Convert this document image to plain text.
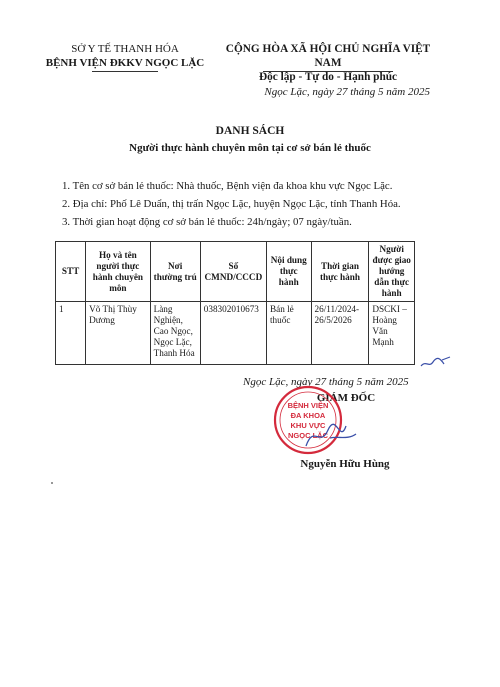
SỞ Y TẾ THANH HÓA
BỆNH VIỆN ĐKKV NGỌC LẶC
CỘNG HÒA XÃ HỘI CHỦ NGHĨA VIỆT NAM
Độc lập - Tự do - Hạnh phúc
Ngọc Lặc, ngày 27 tháng 5 năm 2025
DANH SÁCH
Người thực hành chuyên môn tại cơ sở bán lẻ thuốc
1. Tên cơ sở bán lẻ thuốc: Nhà thuốc, Bệnh viện đa khoa khu vực Ngọc Lặc.
2. Địa chỉ: Phố Lê Duẩn, thị trấn Ngọc Lặc, huyện Ngọc Lặc, tỉnh Thanh Hóa.
3. Thời gian hoạt động cơ sở bán lẻ thuốc: 24h/ngày; 07 ngày/tuần.
STT	Họ và tên người thực hành chuyên môn	Nơi thường trú	Số CMND/CCCD	Nội dung thực hành	Thời gian thực hành	Người được giao hướng dẫn thực hành
1	Võ Thị Thùy Dương	Làng Nghiện, Cao Ngọc, Ngọc Lặc, Thanh Hóa	038302010673	Bán lẻ thuốc	26/11/2024-26/5/2026	DSCKI – Hoàng Văn Mạnh
Ngọc Lặc, ngày 27 tháng 5 năm 2025
GIÁM ĐỐC
BỆNH VIỆN
ĐA KHOA
KHU VỰC
NGỌC LẶC
Nguyễn Hữu Hùng
